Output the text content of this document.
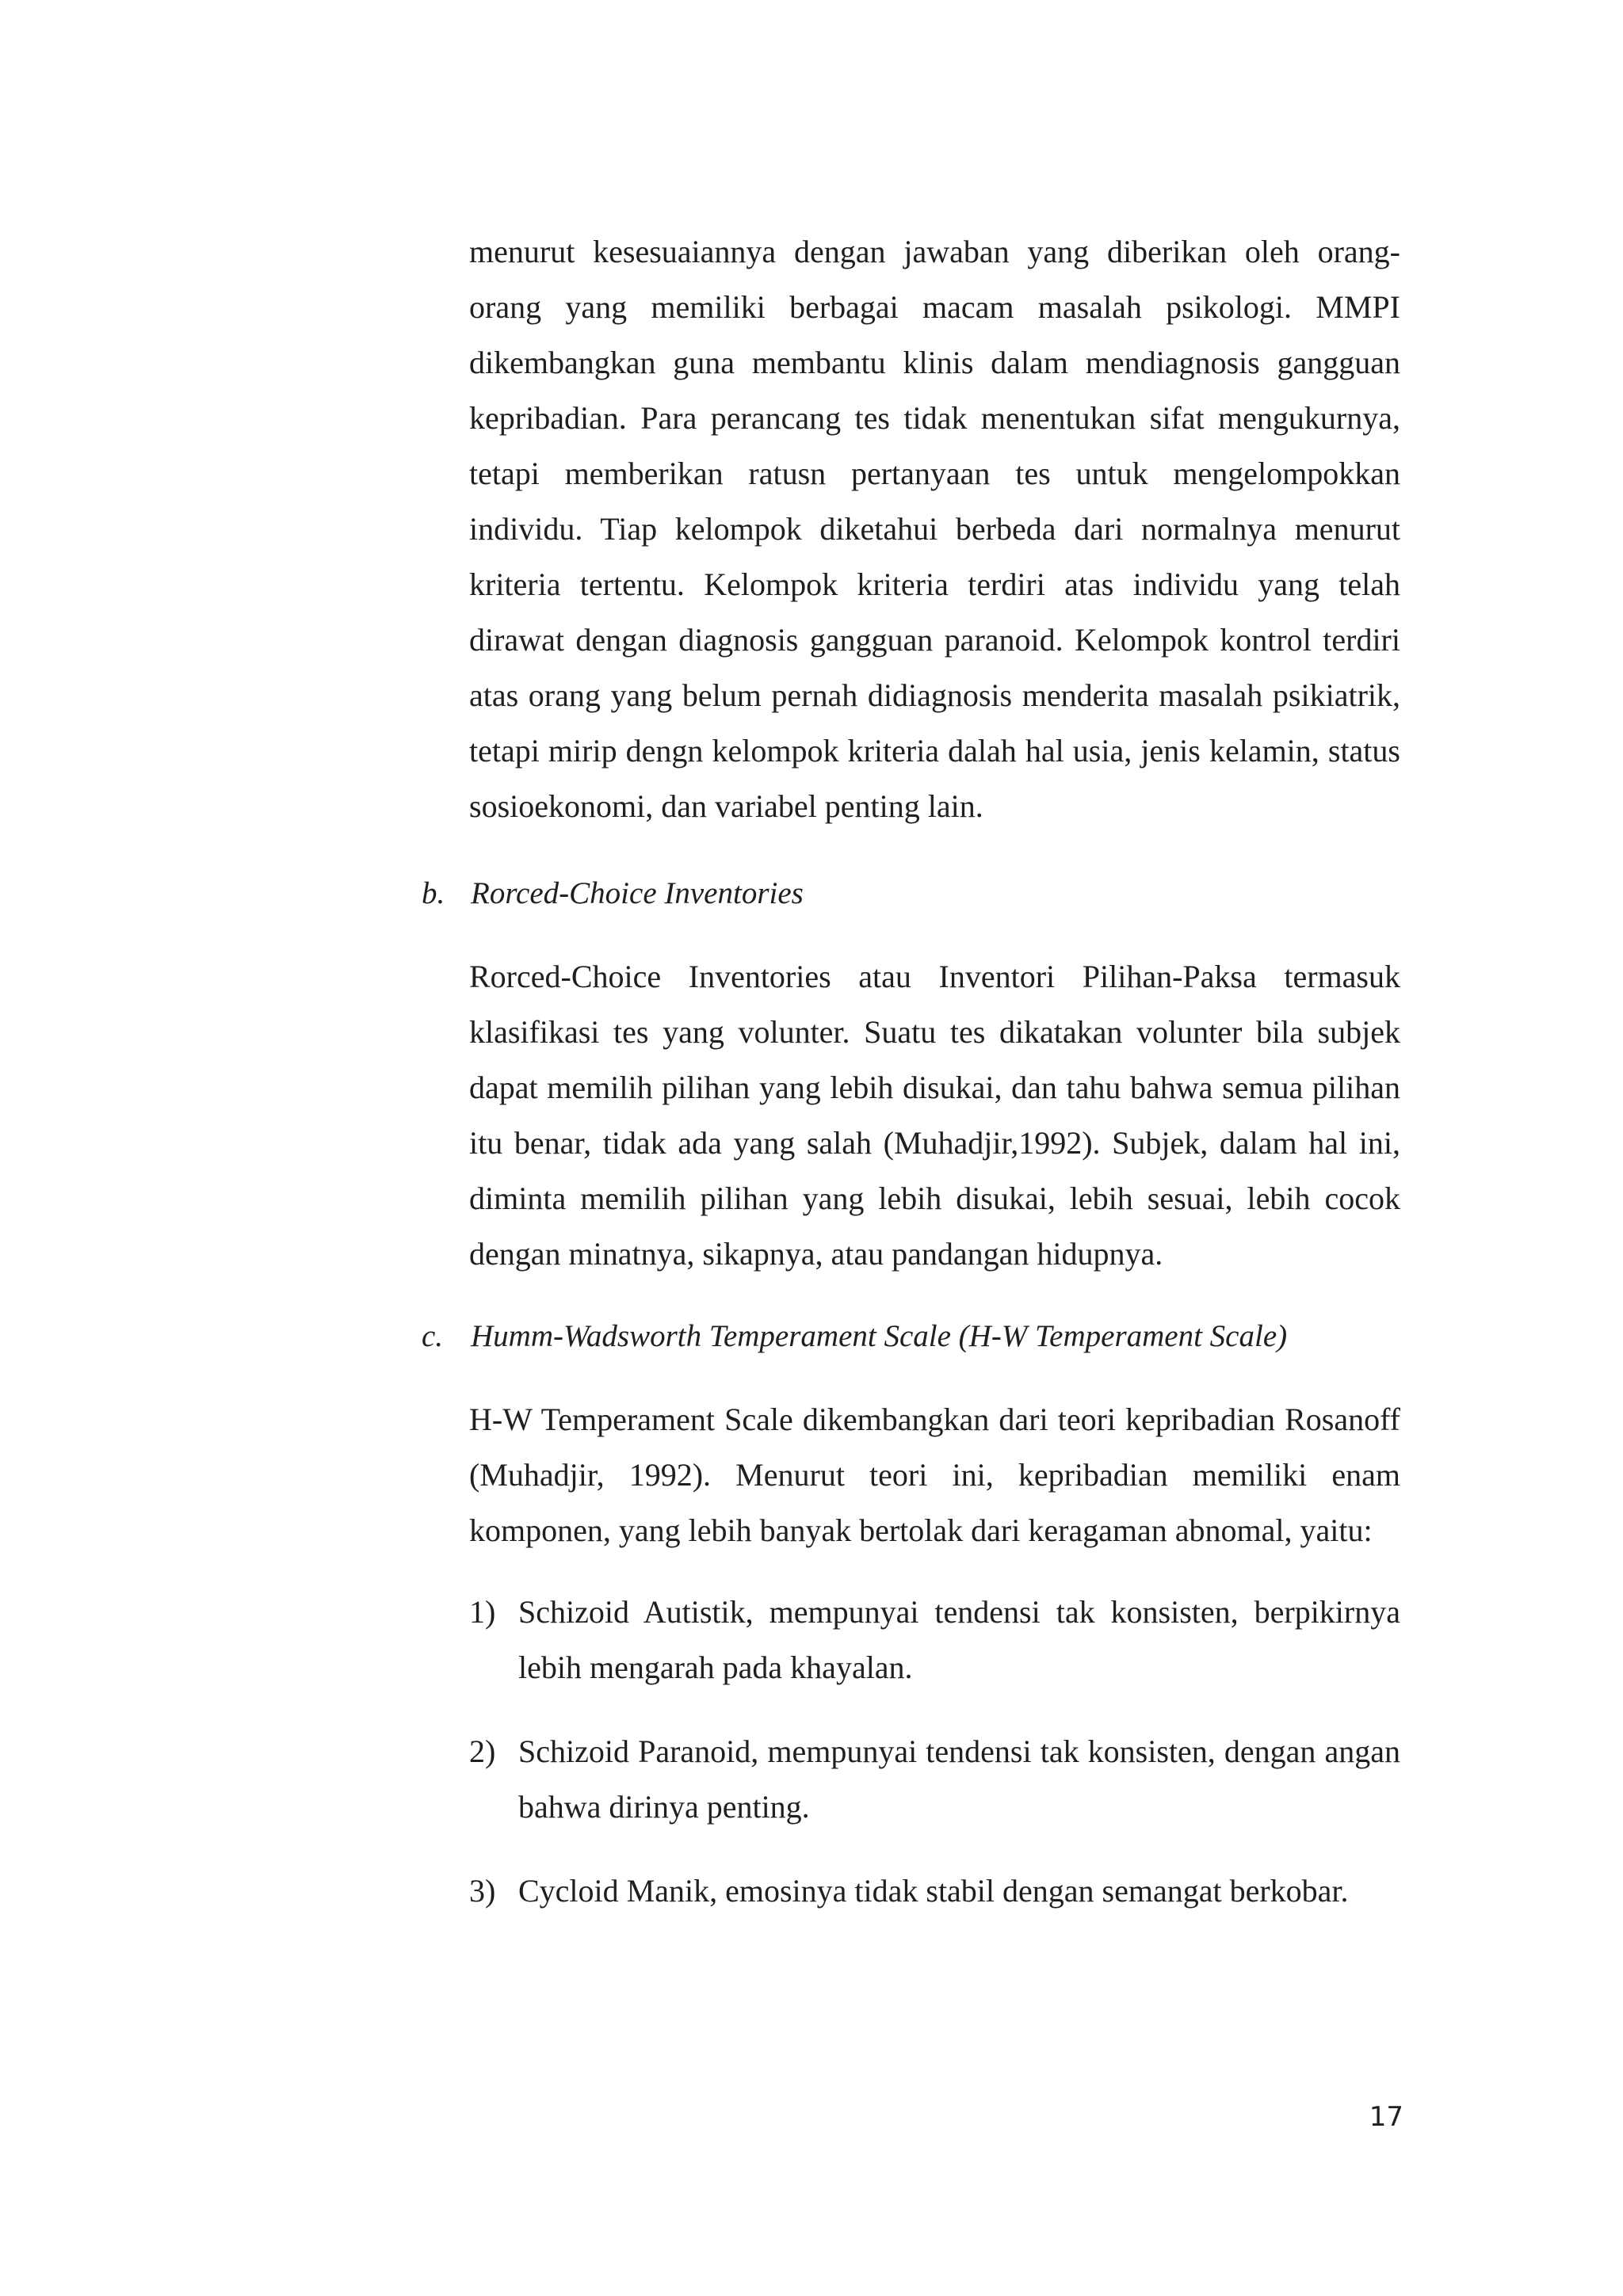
menurut kesesuaiannya dengan jawaban yang diberikan oleh orang-orang yang memiliki berbagai macam masalah psikologi. MMPI dikembangkan guna membantu klinis dalam mendiagnosis gangguan kepribadian. Para perancang tes tidak menentukan sifat mengukurnya, tetapi memberikan ratusn pertanyaan tes untuk mengelompokkan individu. Tiap kelompok diketahui berbeda dari normalnya menurut kriteria tertentu. Kelompok kriteria terdiri atas individu yang telah dirawat dengan diagnosis gangguan paranoid. Kelompok kontrol terdiri atas orang yang belum pernah didiagnosis menderita masalah psikiatrik, tetapi mirip dengn kelompok kriteria dalah hal usia, jenis kelamin, status sosioekonomi, dan variabel penting lain.

b. Rorced-Choice Inventories

Rorced-Choice Inventories atau Inventori Pilihan-Paksa termasuk klasifikasi tes yang volunter. Suatu tes dikatakan volunter bila subjek dapat memilih pilihan yang lebih disukai, dan tahu bahwa semua pilihan itu benar, tidak ada yang salah (Muhadjir,1992). Subjek, dalam hal ini, diminta memilih pilihan yang lebih disukai, lebih sesuai, lebih cocok dengan minatnya, sikapnya, atau pandangan hidupnya.

c. Humm-Wadsworth Temperament Scale (H-W Temperament Scale)

H-W Temperament Scale dikembangkan dari teori kepribadian Rosanoff (Muhadjir, 1992). Menurut teori ini, kepribadian memiliki enam komponen, yang lebih banyak bertolak dari keragaman abnomal, yaitu:

1) Schizoid Autistik, mempunyai tendensi tak konsisten, berpikirnya lebih mengarah pada khayalan.
2) Schizoid Paranoid, mempunyai tendensi tak konsisten, dengan angan bahwa dirinya penting.
3) Cycloid Manik, emosinya tidak stabil dengan semangat berkobar.
17
